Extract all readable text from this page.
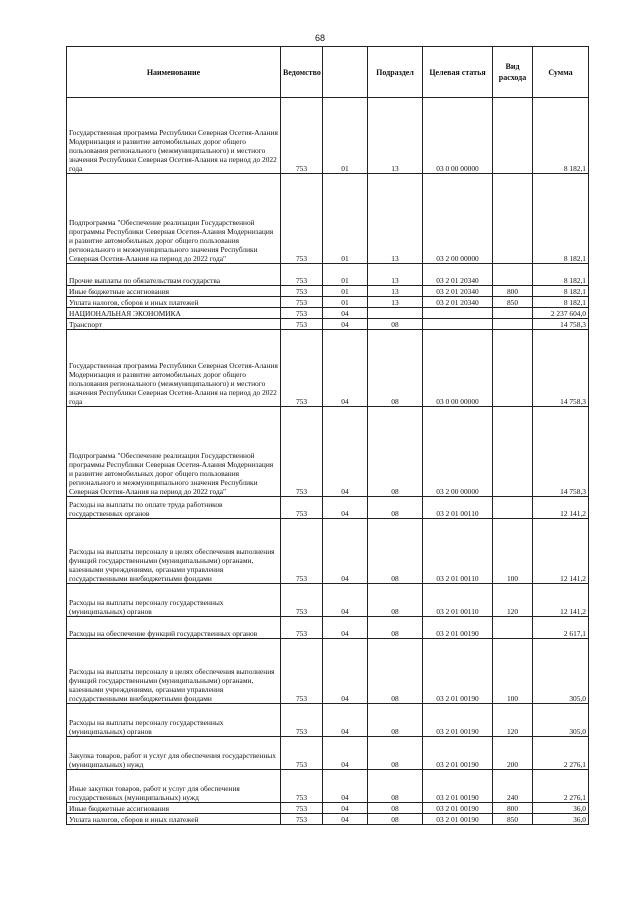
68
Наименование	Ведомство		Подраздел	Целевая статья	Вид расхода	Сумма
Государственная программа Республики Северная Осетия-Алания Модернизация и развитие автомобильных дорог общего пользования регионального (межмуниципального) и местного значения Республики Северная Осетия-Алания на период до 2022 года	753	01	13	03 0 00 00000		8 182,1
Подпрограмма "Обеспечение реализации Государственной программы Республики Северная Осетия-Алания Модернизация и развитие автомобильных дорог общего пользования регионального и межмуниципального значения Республики Северная Осетия-Алания на период до 2022 года"	753	01	13	03 2 00 00000		8 182,1
Прочие выплаты по обязательствам государства	753	01	13	03 2 01 20340		8 182,1
Иные бюджетные ассигнования	753	01	13	03 2 01 20340	800	8 182,1
Уплата налогов, сборов и иных платежей	753	01	13	03 2 01 20340	850	8 182,1
НАЦИОНАЛЬНАЯ ЭКОНОМИКА	753	04				2 237 604,0
Транспорт	753	04	08			14 758,3
Государственная программа Республики Северная Осетия-Алания Модернизация и развитие автомобильных дорог общего пользования регионального (межмуниципального) и местного значения Республики Северная Осетия-Алания на период до 2022 года	753	04	08	03 0 00 00000		14 758,3
Подпрограмма "Обеспечение реализации Государственной программы Республики Северная Осетия-Алания Модернизация и развитие автомобильных дорог общего пользования регионального и межмуниципального значения Республики Северная Осетия-Алания на период до 2022 года"	753	04	08	03 2 00 00000		14 758,3
Расходы на выплаты по оплате труда работников государственных органов	753	04	08	03 2 01 00110		12 141,2
Расходы на выплаты персоналу в целях обеспечения выполнения функций государственными (муниципальными) органами, казенными учреждениями, органами управления государственными внебюджетными фондами	753	04	08	03 2 01 00110	100	12 141,2
Расходы на выплаты персоналу государственных (муниципальных) органов	753	04	08	03 2 01 00110	120	12 141,2
Расходы на обеспечение функций государственных органов	753	04	08	03 2 01 00190		2 617,1
Расходы на выплаты персоналу в целях обеспечения выполнения функций государственными (муниципальными) органами, казенными учреждениями, органами управления государственными внебюджетными фондами	753	04	08	03 2 01 00190	100	305,0
Расходы на выплаты персоналу государственных (муниципальных) органов	753	04	08	03 2 01 00190	120	305,0
Закупка товаров, работ и услуг для обеспечения государственных (муниципальных) нужд	753	04	08	03 2 01 00190	200	2 276,1
Иные закупки товаров, работ и услуг для обеспечения государственных (муниципальных) нужд	753	04	08	03 2 01 00190	240	2 276,1
Иные бюджетные ассигнования	753	04	08	03 2 01 00190	800	36,0
Уплата налогов, сборов и иных платежей	753	04	08	03 2 01 00190	850	36,0
